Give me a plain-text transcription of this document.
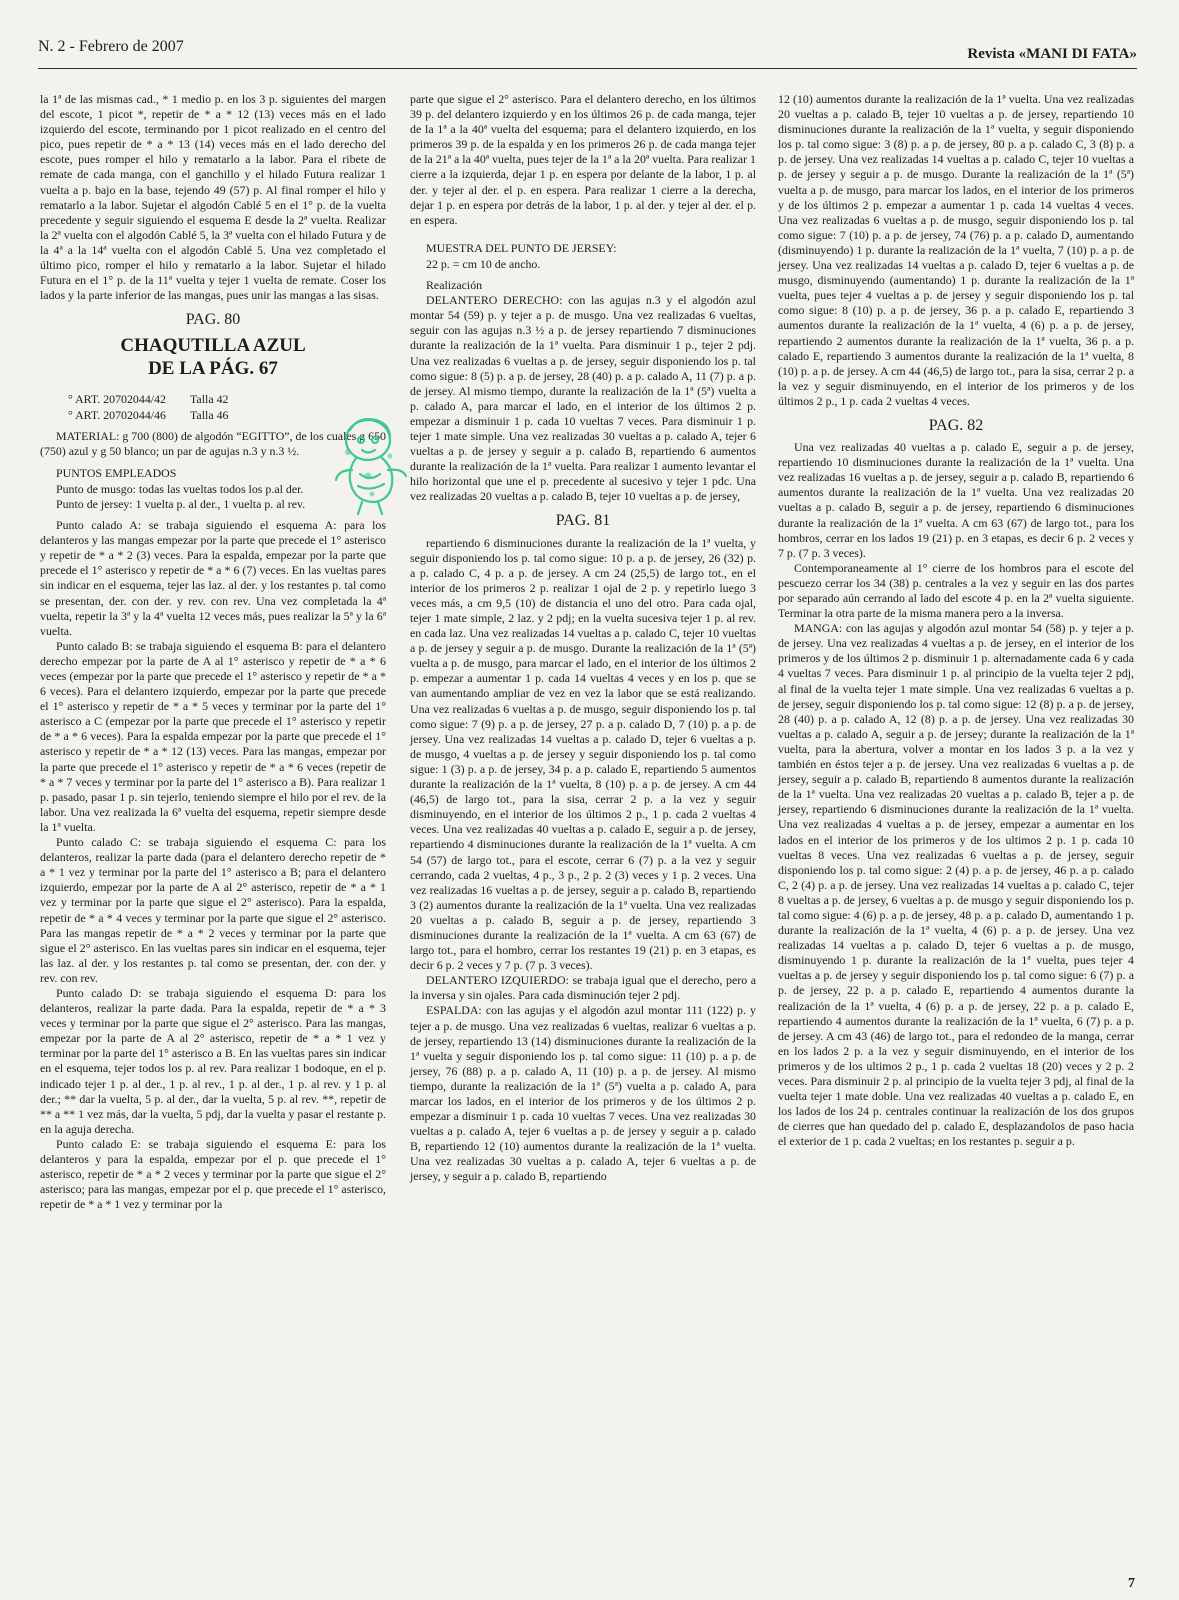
N. 2 - Febrero de 2007	Revista «MANI DI FATA»

la 1ª de las mismas cad., * 1 medio p. en los 3 p. siguientes del margen del escote, 1 picot *, repetir de * a * 12 (13) veces más en el lado izquierdo del escote, terminando por 1 picot realizado en el centro del pico, pues repetir de * a * 13 (14) veces más en el lado derecho del escote, pues romper el hilo y rematarlo a la labor. Para el ribete de remate de cada manga, con el ganchillo y el hilado Futura realizar 1 vuelta a p. bajo en la base, tejendo 49 (57) p. Al final romper el hilo y rematarlo a la labor. Sujetar el algodón Cablé 5 en el 1° p. de la vuelta precedente y seguir siguiendo el esquema E desde la 2ª vuelta. Realizar la 2ª vuelta con el algodón Cablé 5, la 3ª vuelta con el hilado Futura y de la 4ª a la 14ª vuelta con el algodón Cablé 5. Una vez completado el último pico, romper el hilo y rematarlo a la labor. Sujetar el hilado Futura en el 1° p. de la 11ª vuelta y tejer 1 vuelta de remate. Coser los lados y la parte inferior de las mangas, pues unir las mangas a las sisas.

PAG. 80
CHAQUTILLA AZUL
DE LA PÁG. 67
° ART. 20702044/42	Talla 42
° ART. 20702044/46	Talla 46

MATERIAL: g 700 (800) de algodón “EGITTO”, de los cuales g 650 (750) azul y g 50 blanco; un par de agujas n.3 y n.3 ½.

PUNTOS EMPLEADOS

Punto de musgo: todas las vueltas todos los p.al der.

Punto de jersey: 1 vuelta p. al der., 1 vuelta p. al rev.

Punto calado A: se trabaja siguiendo el esquema A: para los delanteros y las mangas empezar por la parte que precede el 1° asterisco y repetir de * a * 2 (3) veces. Para la espalda, empezar por la parte que precede el 1° asterisco y repetir de * a * 6 (7) veces. En las vueltas pares sin indicar en el esquema, tejer las laz. al der. y los restantes p. tal como se presentan, der. con der. y rev. con rev. Una vez completada la 4ª vuelta, repetir la 3ª y la 4ª vuelta 12 veces más, pues realizar la 5ª y la 6ª vuelta.

Punto calado B: se trabaja siguiendo el esquema B: para el delantero derecho empezar por la parte de A al 1° asterisco y repetir de * a * 6 veces (empezar por la parte que precede el 1° asterisco y repetir de * a * 6 veces). Para el delantero izquierdo, empezar por la parte que precede el 1° asterisco y repetir de * a * 5 veces y terminar por la parte del 1° asterisco a C (empezar por la parte que precede el 1° asterisco y repetir de * a * 6 veces). Para la espalda empezar por la parte que precede el 1° asterisco y repetir de * a * 12 (13) veces. Para las mangas, empezar por la parte que precede el 1° asterisco y repetir de * a * 6 veces (repetir de * a * 7 veces y terminar por la parte del 1° asterisco a B). Para realizar 1 p. pasado, pasar 1 p. sin tejerlo, teniendo siempre el hilo por el rev. de la labor. Una vez realizada la 6ª vuelta del esquema, repetir siempre desde la 1ª vuelta.

Punto calado C: se trabaja siguiendo el esquema C: para los delanteros, realizar la parte dada (para el delantero derecho repetir de * a * 1 vez y terminar por la parte del 1° asterisco a B; para el delantero izquierdo, empezar por la parte de A al 2° asterisco, repetir de * a * 1 vez y terminar por la parte que sigue el 2° asterisco). Para la espalda, repetir de * a * 4 veces y terminar por la parte que sigue el 2° asterisco. Para las mangas repetir de * a * 2 veces y terminar por la parte que sigue el 2° asterisco. En las vueltas pares sin indicar en el esquema, tejer las laz. al der. y los restantes p. tal como se presentan, der. con der. y rev. con rev.

Punto calado D: se trabaja siguiendo el esquema D: para los delanteros, realizar la parte dada. Para la espalda, repetir de * a * 3 veces y terminar por la parte que sigue el 2° asterisco. Para las mangas, empezar por la parte de A al 2° asterisco, repetir de * a * 1 vez y terminar por la parte del 1° asterisco a B. En las vueltas pares sin indicar en el esquema, tejer todos los p. al rev. Para realizar 1 bodoque, en el p. indicado tejer 1 p. al der., 1 p. al rev., 1 p. al der., 1 p. al rev. y 1 p. al der.; ** dar la vuelta, 5 p. al der., dar la vuelta, 5 p. al rev. **, repetir de ** a ** 1 vez más, dar la vuelta, 5 pdj, dar la vuelta y pasar el restante p. en la aguja derecha.

Punto calado E: se trabaja siguiendo el esquema E: para los delanteros y para la espalda, empezar por el p. que precede el 1° asterisco, repetir de * a * 2 veces y terminar por la parte que sigue el 2° asterisco; para las mangas, empezar por el p. que precede el 1° asterisco, repetir de * a * 1 vez y terminar por la

parte que sigue el 2° asterisco. Para el delantero derecho, en los últimos 39 p. del delantero izquierdo y en los últimos 26 p. de cada manga, tejer de la 1ª a la 40ª vuelta del esquema; para el delantero izquierdo, en los primeros 39 p. de la espalda y en los primeros 26 p. de cada manga tejer de la 21ª a la 40ª vuelta, pues tejer de la 1ª a la 20ª vuelta. Para realizar 1 cierre a la izquierda, dejar 1 p. en espera por delante de la labor, 1 p. al der. y tejer al der. el p. en espera. Para realizar 1 cierre a la derecha, dejar 1 p. en espera por detrás de la labor, 1 p. al der. y tejer al der. el p. en espera.

MUESTRA DEL PUNTO DE JERSEY:

22 p. = cm 10 de ancho.

Realización

DELANTERO DERECHO: con las agujas n.3 y el algodón azul montar 54 (59) p. y tejer a p. de musgo. Una vez realizadas 6 vueltas, seguir con las agujas n.3 ½ a p. de jersey repartiendo 7 disminuciones durante la realización de la 1ª vuelta. Para disminuir 1 p., tejer 2 pdj. Una vez realizadas 6 vueltas a p. de jersey, seguir disponiendo los p. tal como sigue: 8 (5) p. a p. de jersey, 28 (40) p. a p. calado A, 11 (7) p. a p. de jersey. Al mismo tiempo, durante la realización de la 1ª (5ª) vuelta a p. calado A, para marcar el lado, en el interior de los últimos 2 p. empezar a disminuir 1 p. cada 10 vueltas 7 veces. Para disminuir 1 p. tejer 1 mate simple. Una vez realizadas 30 vueltas a p. calado A, tejer 6 vueltas a p. de jersey y seguir a p. calado B, repartiendo 6 aumentos durante la realización de la 1ª vuelta. Para realizar 1 aumento levantar el hilo horizontal que une el p. precedente al sucesivo y tejer 1 pdc. Una vez realizadas 20 vueltas a p. calado B, tejer 10 vueltas a p. de jersey,

PAG. 81

repartiendo 6 disminuciones durante la realización de la 1ª vuelta, y seguir disponiendo los p. tal como sigue: 10 p. a p. de jersey, 26 (32) p. a p. calado C, 4 p. a p. de jersey. A cm 24 (25,5) de largo tot., en el interior de los primeros 2 p. realizar 1 ojal de 2 p. y repetirlo luego 3 veces más, a cm 9,5 (10) de distancia el uno del otro. Para cada ojal, tejer 1 mate simple, 2 laz. y 2 pdj; en la vuelta sucesiva tejer 1 p. al rev. en cada laz. Una vez realizadas 14 vueltas a p. calado C, tejer 10 vueltas a p. de jersey y seguir a p. de musgo. Durante la realización de la 1ª (5ª) vuelta a p. de musgo, para marcar el lado, en el interior de los últimos 2 p. empezar a aumentar 1 p. cada 14 vueltas 4 veces y en los p. que se van aumentando ampliar de vez en vez la labor que se está realizando. Una vez realizadas 6 vueltas a p. de musgo, seguir disponiendo los p. tal como sigue: 7 (9) p. a p. de jersey, 27 p. a p. calado D, 7 (10) p. a p. de jersey. Una vez realizadas 14 vueltas a p. calado D, tejer 6 vueltas a p. de musgo, 4 vueltas a p. de jersey y seguir disponiendo los p. tal como sigue: 1 (3) p. a p. de jersey, 34 p. a p. calado E, repartiendo 5 aumentos durante la realización de la 1ª vuelta, 8 (10) p. a p. de jersey. A cm 44 (46,5) de largo tot., para la sisa, cerrar 2 p. a la vez y seguir disminuyendo, en el interior de los últimos 2 p., 1 p. cada 2 vueltas 4 veces. Una vez realizadas 40 vueltas a p. calado E, seguir a p. de jersey, repartiendo 4 disminuciones durante la realización de la 1ª vuelta. A cm 54 (57) de largo tot., para el escote, cerrar 6 (7) p. a la vez y seguir cerrando, cada 2 vueltas, 4 p., 3 p., 2 p. 2 (3) veces y 1 p. 2 veces. Una vez realizadas 16 vueltas a p. de jersey, seguir a p. calado B, repartiendo 3 (2) aumentos durante la realización de la 1ª vuelta. Una vez realizadas 20 vueltas a p. calado B, seguir a p. de jersey, repartiendo 3 disminuciones durante la realización de la 1ª vuelta. A cm 63 (67) de largo tot., para el hombro, cerrar los restantes 19 (21) p. en 3 etapas, es decir 6 p. 2 veces y 7 p. (7 p. 3 veces).

DELANTERO IZQUIERDO: se trabaja igual que el derecho, pero a la inversa y sin ojales. Para cada disminución tejer 2 pdj.

ESPALDA: con las agujas y el algodón azul montar 111 (122) p. y tejer a p. de musgo. Una vez realizadas 6 vueltas, realizar 6 vueltas a p. de jersey, repartiendo 13 (14) disminuciones durante la realización de la 1ª vuelta y seguir disponiendo los p. tal como sigue: 11 (10) p. a p. de jersey, 76 (88) p. a p. calado A, 11 (10) p. a p. de jersey. Al mismo tiempo, durante la realización de la 1ª (5ª) vuelta a p. calado A, para marcar los lados, en el interior de los primeros y de los últimos 2 p. empezar a disminuir 1 p. cada 10 vueltas 7 veces. Una vez realizadas 30 vueltas a p. calado A, tejer 6 vueltas a p. de jersey y seguir a p. calado B, repartiendo 12 (10) aumentos durante la realización de la 1ª vuelta. Una vez realizadas 30 vueltas a p. calado A, tejer 6 vueltas a p. de jersey, y seguir a p. calado B, repartiendo

12 (10) aumentos durante la realización de la 1ª vuelta. Una vez realizadas 20 vueltas a p. calado B, tejer 10 vueltas a p. de jersey, repartiendo 10 disminuciones durante la realización de la 1ª vuelta, y seguir disponiendo los p. tal como sigue: 3 (8) p. a p. de jersey, 80 p. a p. calado C, 3 (8) p. a p. de jersey. Una vez realizadas 14 vueltas a p. calado C, tejer 10 vueltas a p. de jersey y seguir a p. de musgo. Durante la realización de la 1ª (5ª) vuelta a p. de musgo, para marcar los lados, en el interior de los primeros y de los últimos 2 p. empezar a aumentar 1 p. cada 14 vueltas 4 veces. Una vez realizadas 6 vueltas a p. de musgo, seguir disponiendo los p. tal como sigue: 7 (10) p. a p. de jersey, 74 (76) p. a p. calado D, aumentando (disminuyendo) 1 p. durante la realización de la 1ª vuelta, 7 (10) p. a p. de jersey. Una vez realizadas 14 vueltas a p. calado D, tejer 6 vueltas a p. de musgo, disminuyendo (aumentando) 1 p. durante la realización de la 1ª vuelta, pues tejer 4 vueltas a p. de jersey y seguir disponiendo los p. tal como sigue: 8 (10) p. a p. de jersey, 36 p. a p. calado E, repartiendo 3 aumentos durante la realización de la 1ª vuelta, 4 (6) p. a p. de jersey, repartiendo 2 aumentos durante la realización de la 1ª vuelta, 36 p. a p. calado E, repartiendo 3 aumentos durante la realización de la 1ª vuelta, 8 (10) p. a p. de jersey. A cm 44 (46,5) de largo tot., para la sisa, cerrar 2 p. a la vez y seguir disminuyendo, en el interior de los primeros y de los últimos 2 p., 1 p. cada 2 vueltas 4 veces.

PAG. 82

Una vez realizadas 40 vueltas a p. calado E, seguir a p. de jersey, repartiendo 10 disminuciones durante la realización de la 1ª vuelta. Una vez realizadas 16 vueltas a p. de jersey, seguir a p. calado B, repartiendo 6 aumentos durante la realización de la 1ª vuelta. Una vez realizadas 20 vueltas a p. calado B, seguir a p. de jersey, repartiendo 6 disminuciones durante la realización de la 1ª vuelta. A cm 63 (67) de largo tot., para los hombros, cerrar en los lados 19 (21) p. en 3 etapas, es decir 6 p. 2 veces y 7 p. (7 p. 3 veces).

Contemporaneamente al 1° cierre de los hombros para el escote del pescuezo cerrar los 34 (38) p. centrales a la vez y seguir en las dos partes por separado aún cerrando al lado del escote 4 p. en la 2ª vuelta siguiente. Terminar la otra parte de la misma manera pero a la inversa.

MANGA: con las agujas y algodón azul montar 54 (58) p. y tejer a p. de jersey. Una vez realizadas 4 vueltas a p. de jersey, en el interior de los primeros y de los últimos 2 p. disminuir 1 p. alternadamente cada 6 y cada 4 vueltas 7 veces. Para disminuir 1 p. al principio de la vuelta tejer 2 pdj, al final de la vuelta tejer 1 mate simple. Una vez realizadas 6 vueltas a p. de jersey, seguir disponiendo los p. tal como sigue: 12 (8) p. a p. de jersey, 28 (40) p. a p. calado A, 12 (8) p. a p. de jersey. Una vez realizadas 30 vueltas a p. calado A, seguir a p. de jersey; durante la realización de la 1ª vuelta, para la abertura, volver a montar en los lados 3 p. a la vez y también en éstos tejer a p. de jersey. Una vez realizadas 6 vueltas a p. de jersey, seguir a p. calado B, repartiendo 8 aumentos durante la realización de la 1ª vuelta. Una vez realizadas 20 vueltas a p. calado B, tejer a p. de jersey, repartiendo 6 disminuciones durante la realización de la 1ª vuelta. Una vez realizadas 4 vueltas a p. de jersey, empezar a aumentar en los lados en el interior de los primeros y de los ultimos 2 p. 1 p. cada 10 vueltas 8 veces. Una vez realizadas 6 vueltas a p. de jersey, seguir disponiendo los p. tal como sigue: 2 (4) p. a p. de jersey, 46 p. a p. calado C, 2 (4) p. a p. de jersey. Una vez realizadas 14 vueltas a p. calado C, tejer 8 vueltas a p. de jersey, 6 vueltas a p. de musgo y seguir disponiendo los p. tal como sigue: 4 (6) p. a p. de jersey, 48 p. a p. calado D, aumentando 1 p. durante la realización de la 1ª vuelta, 4 (6) p. a p. de jersey. Una vez realizadas 14 vueltas a p. calado D, tejer 6 vueltas a p. de musgo, disminuyendo 1 p. durante la realización de la 1ª vuelta, pues tejer 4 vueltas a p. de jersey y seguir disponiendo los p. tal como sigue: 6 (7) p. a p. de jersey, 22 p. a p. calado E, repartiendo 4 aumentos durante la realización de la 1ª vuelta, 4 (6) p. a p. de jersey, 22 p. a p. calado E, repartiendo 4 aumentos durante la realización de la 1ª vuelta, 6 (7) p. a p. de jersey. A cm 43 (46) de largo tot., para el redondeo de la manga, cerrar en los lados 2 p. a la vez y seguir disminuyendo, en el interior de los primeros y de los ultimos 2 p., 1 p. cada 2 vueltas 18 (20) veces y 2 p. 2 veces. Para disminuir 2 p. al principio de la vuelta tejer 3 pdj, al final de la vuelta tejer 1 mate doble. Una vez realizadas 40 vueltas a p. calado E, en los lados de los 24 p. centrales continuar la realización de los dos grupos de cierres que han quedado del p. calado E, desplazandolos de paso hacia el exterior de 1 p. cada 2 vueltas; en los restantes p. seguir a p.

7
